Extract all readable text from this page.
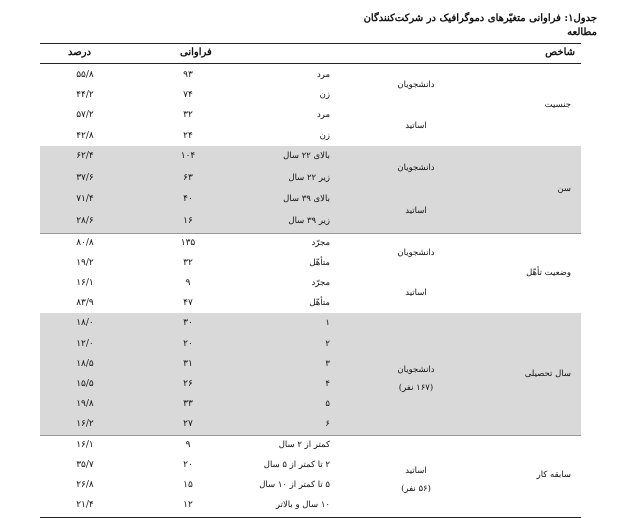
جدول۱: فراوانی متغیّرهای دموگرافیک در شرکت‌کنندگان
مطالعه
شاخص
فراوانی
درصد
جنسیت
دانشجویان
مرد
۹۳
۵۵/۸
زن
۷۴
۴۴/۲
اساتید
مرد
۳۲
۵۷/۲
زن
۲۴
۴۲/۸
سن
دانشجویان
بالای ۲۲ سال
۱۰۴
۶۲/۴
زیر ۲۲ سال
۶۳
۳۷/۶
اساتید
بالای ۳۹ سال
۴۰
۷۱/۴
زیر ۳۹ سال
۱۶
۲۸/۶
وضعیت تأهّل
دانشجویان
مجرّد
۱۳۵
۸۰/۸
متأهّل
۳۲
۱۹/۲
اساتید
مجرّد
۹
۱۶/۱
متأهّل
۴۷
۸۳/۹
سال تحصیلی
دانشجویان
(۱۶۷ نفر)
۱
۳۰
۱۸/۰
۲
۲۰
۱۲/۰
۳
۳۱
۱۸/۵
۴
۲۶
۱۵/۵
۵
۳۳
۱۹/۸
۶
۲۷
۱۶/۲
سابقه کار
اساتید
(۵۶ نفر)
کمتر از ۲ سال
۹
۱۶/۱
۲ تا کمتر از ۵ سال
۲۰
۳۵/۷
۵ تا کمتر از ۱۰ سال
۱۵
۲۶/۸
۱۰ سال و بالاتر
۱۲
۲۱/۴
